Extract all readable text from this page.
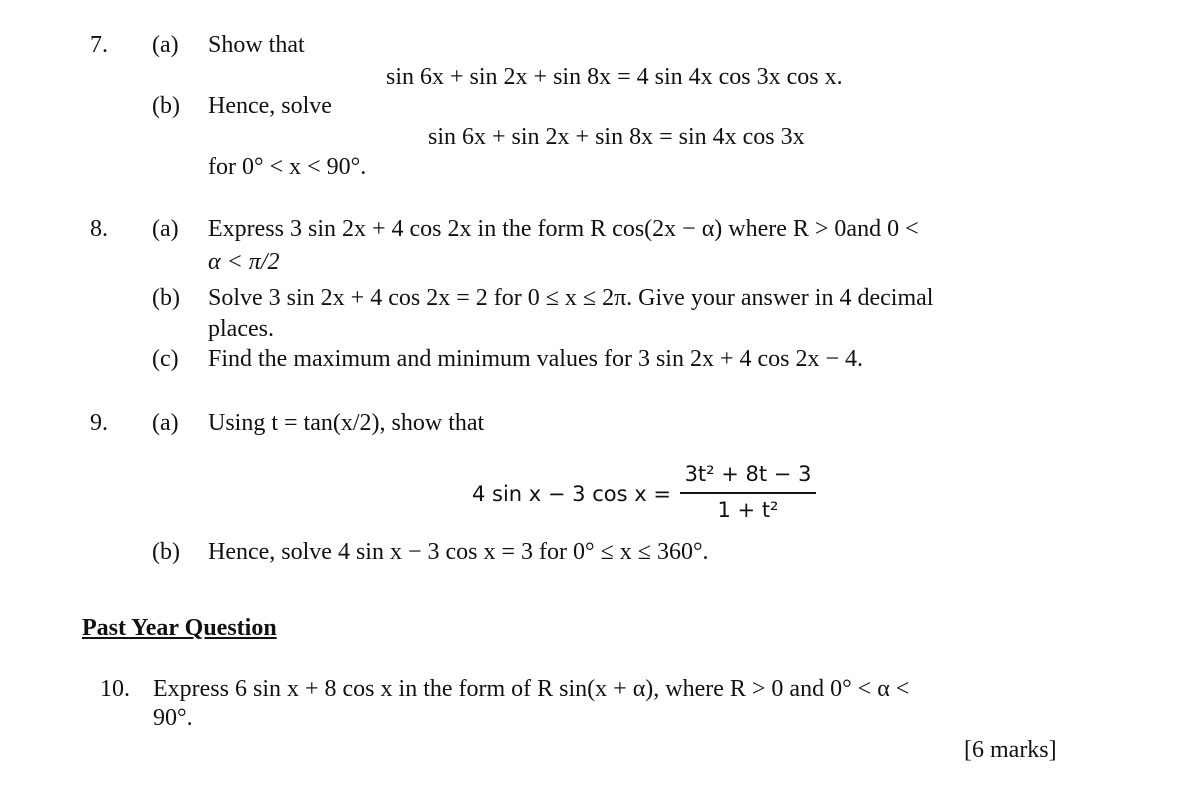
7. (a) Show that
sin 6x + sin 2x + sin 8x = 4 sin 4x cos 3x cos x.
(b) Hence, solve
sin 6x + sin 2x + sin 8x = sin 4x cos 3x
for 0° < x < 90°.
8. (a) Express 3 sin 2x + 4 cos 2x in the form R cos(2x − α) where R > 0and 0 <
α < π/2
(b) Solve 3 sin 2x + 4 cos 2x = 2 for 0 ≤ x ≤ 2π. Give your answer in 4 decimal
places.
(c) Find the maximum and minimum values for 3 sin 2x + 4 cos 2x − 4.
9. (a) Using t = tan(x/2), show that
4 sin x − 3 $\cos x = \frac{\text{3t² + 8t − 3}}{\text{1 + t²}}$
(b) Hence, solve 4 sin x − 3 cos x = 3 for 0° ≤ x ≤ 360°.
Past Year Question
10. Express 6 sin x + 8 cos x in the form of R sin(x + α), where R > 0 and 0° < α <
90°.
[6 marks]
